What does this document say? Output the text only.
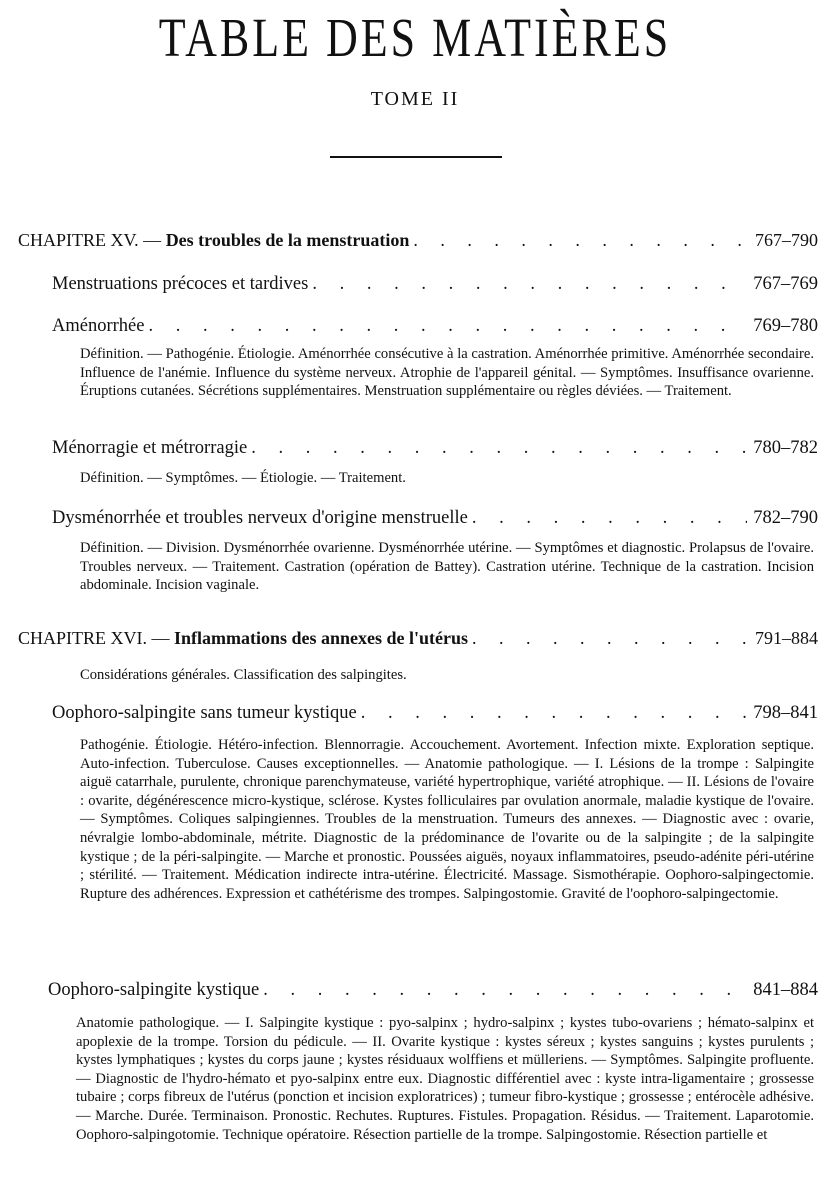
TABLE DES MATIÈRES
TOME II
CHAPITRE XV. — Des troubles de la menstruation . . .	767–790
Menstruations précoces et tardives . . .	767–769
Aménorrhée . . .	769–780

Définition. — Pathogénie. Étiologie. Aménorrhée consécutive à la castration. Aménorrhée primitive. Aménorrhée secondaire. Influence de l'anémie. Influence du système nerveux. Atrophie de l'appareil génital. — Symptômes. Insuffisance ovarienne. Éruptions cutanées. Sécrétions supplémentaires. Menstruation supplémentaire ou règles déviées. — Traitement.

Ménorragie et métrorragie . . .	780–782

Définition. — Symptômes. — Étiologie. — Traitement.

Dysménorrhée et troubles nerveux d'origine menstruelle . . .	782–790

Définition. — Division. Dysménorrhée ovarienne. Dysménorrhée utérine. — Symptômes et diagnostic. Prolapsus de l'ovaire. Troubles nerveux. — Traitement. Castration (opération de Battey). Castration utérine. Technique de la castration. Incision abdominale. Incision vaginale.

CHAPITRE XVI. — Inflammations des annexes de l'utérus . . .	791–884

Considérations générales. Classification des salpingites.

Oophoro-salpingite sans tumeur kystique . . .	798–841

Pathogénie. Étiologie. Hétéro-infection. Blennorragie. Accouchement. Avortement. Infection mixte. Exploration septique. Auto-infection. Tuberculose. Causes exceptionnelles. — Anatomie pathologique. — I. Lésions de la trompe : Salpingite aiguë catarrhale, purulente, chronique parenchymateuse, variété hypertrophique, variété atrophique. — II. Lésions de l'ovaire : ovarite, dégénérescence micro-kystique, sclérose. Kystes folliculaires par ovulation anormale, maladie kystique de l'ovaire. — Symptômes. Coliques salpingiennes. Troubles de la menstruation. Tumeurs des annexes. — Diagnostic avec : ovarie, névralgie lombo-abdominale, métrite. Diagnostic de la prédominance de l'ovarite ou de la salpingite ; de la salpingite kystique ; de la péri-salpingite. — Marche et pronostic. Poussées aiguës, noyaux inflammatoires, pseudo-adénite péri-utérine ; stérilité. — Traitement. Médication indirecte intra-utérine. Électricité. Massage. Sismothérapie. Oophoro-salpingectomie. Rupture des adhérences. Expression et cathétérisme des trompes. Salpingostomie. Gravité de l'oophoro-salpingectomie.

Oophoro-salpingite kystique . . .	841–884

Anatomie pathologique. — I. Salpingite kystique : pyo-salpinx ; hydro-salpinx ; kystes tubo-ovariens ; hémato-salpinx et apoplexie de la trompe. Torsion du pédicule. — II. Ovarite kystique : kystes séreux ; kystes sanguins ; kystes purulents ; kystes lymphatiques ; kystes du corps jaune ; kystes résiduaux wolffiens et mülleriens. — Symptômes. Salpingite profluente. — Diagnostic de l'hydro-hémato et pyo-salpinx entre eux. Diagnostic différentiel avec : kyste intra-ligamentaire ; grossesse tubaire ; corps fibreux de l'utérus (ponction et incision exploratrices) ; tumeur fibro-kystique ; grossesse ; entérocèle adhésive. — Marche. Durée. Terminaison. Pronostic. Rechutes. Ruptures. Fistules. Propagation. Résidus. — Traitement. Laparotomie. Oophoro-salpingotomie. Technique opératoire. Résection partielle de la trompe. Salpingostomie. Résection partielle et
